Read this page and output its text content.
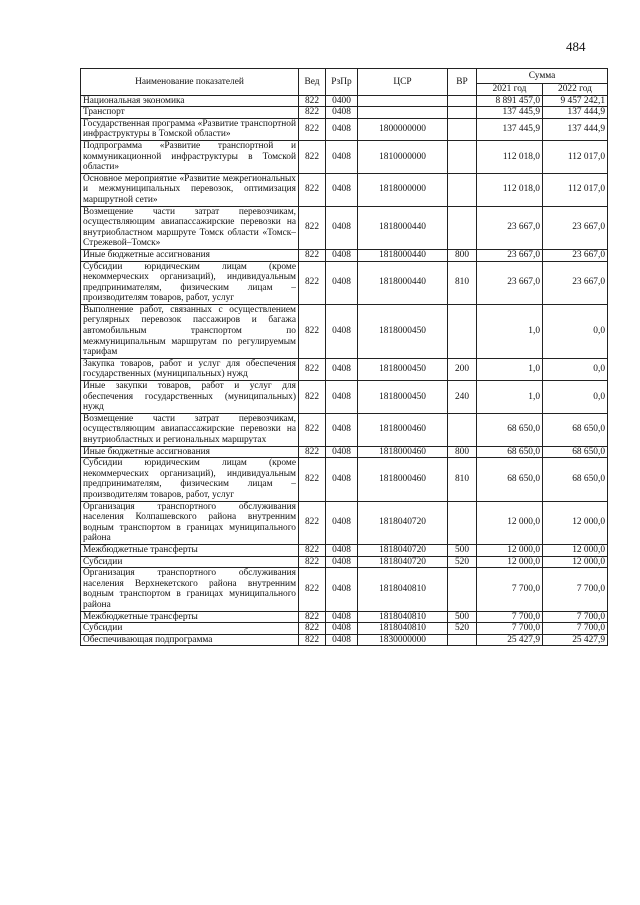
484
Наименование показателей	Вед	РзПр	ЦСР	ВР	Сумма	
					2021 год	2022 год
Национальная экономика	822	0400			8 891 457,0	9 457 242,1
Транспорт	822	0408			137 445,9	137 444,9
Государственная программа «Развитие транспортной инфраструктуры в Томской области»	822	0408	1800000000		137 445,9	137 444,9
Подпрограмма «Развитие транспортной и коммуникационной инфраструктуры в Томской области»	822	0408	1810000000		112 018,0	112 017,0
Основное мероприятие «Развитие межрегиональных и межмуниципальных перевозок, оптимизация маршрутной сети»	822	0408	1818000000		112 018,0	112 017,0
Возмещение части затрат перевозчикам, осуществляющим авиапассажирские перевозки на внутриобластном маршруте Томск области «Томск–Стрежевой–Томск»	822	0408	1818000440		23 667,0	23 667,0
Иные бюджетные ассигнования	822	0408	1818000440	800	23 667,0	23 667,0
Субсидии юридическим лицам (кроме некоммерческих организаций), индивидуальным предпринимателям, физическим лицам – производителям товаров, работ, услуг	822	0408	1818000440	810	23 667,0	23 667,0
Выполнение работ, связанных с осуществлением регулярных перевозок пассажиров и багажа автомобильным транспортом по межмуниципальным маршрутам по регулируемым тарифам	822	0408	1818000450		1,0	0,0
Закупка товаров, работ и услуг для обеспечения государственных (муниципальных) нужд	822	0408	1818000450	200	1,0	0,0
Иные закупки товаров, работ и услуг для обеспечения государственных (муниципальных) нужд	822	0408	1818000450	240	1,0	0,0
Возмещение части затрат перевозчикам, осуществляющим авиапассажирские перевозки на внутриобластных и региональных маршрутах	822	0408	1818000460		68 650,0	68 650,0
Иные бюджетные ассигнования	822	0408	1818000460	800	68 650,0	68 650,0
Субсидии юридическим лицам (кроме некоммерческих организаций), индивидуальным предпринимателям, физическим лицам – производителям товаров, работ, услуг	822	0408	1818000460	810	68 650,0	68 650,0
Организация транспортного обслуживания населения Колпашевского района внутренним водным транспортом в границах муниципального района	822	0408	1818040720		12 000,0	12 000,0
Межбюджетные трансферты	822	0408	1818040720	500	12 000,0	12 000,0
Субсидии	822	0408	1818040720	520	12 000,0	12 000,0
Организация транспортного обслуживания населения Верхнекетского района внутренним водным транспортом в границах муниципального района	822	0408	1818040810		7 700,0	7 700,0
Межбюджетные трансферты	822	0408	1818040810	500	7 700,0	7 700,0
Субсидии	822	0408	1818040810	520	7 700,0	7 700,0
Обеспечивающая подпрограмма	822	0408	1830000000		25 427,9	25 427,9
